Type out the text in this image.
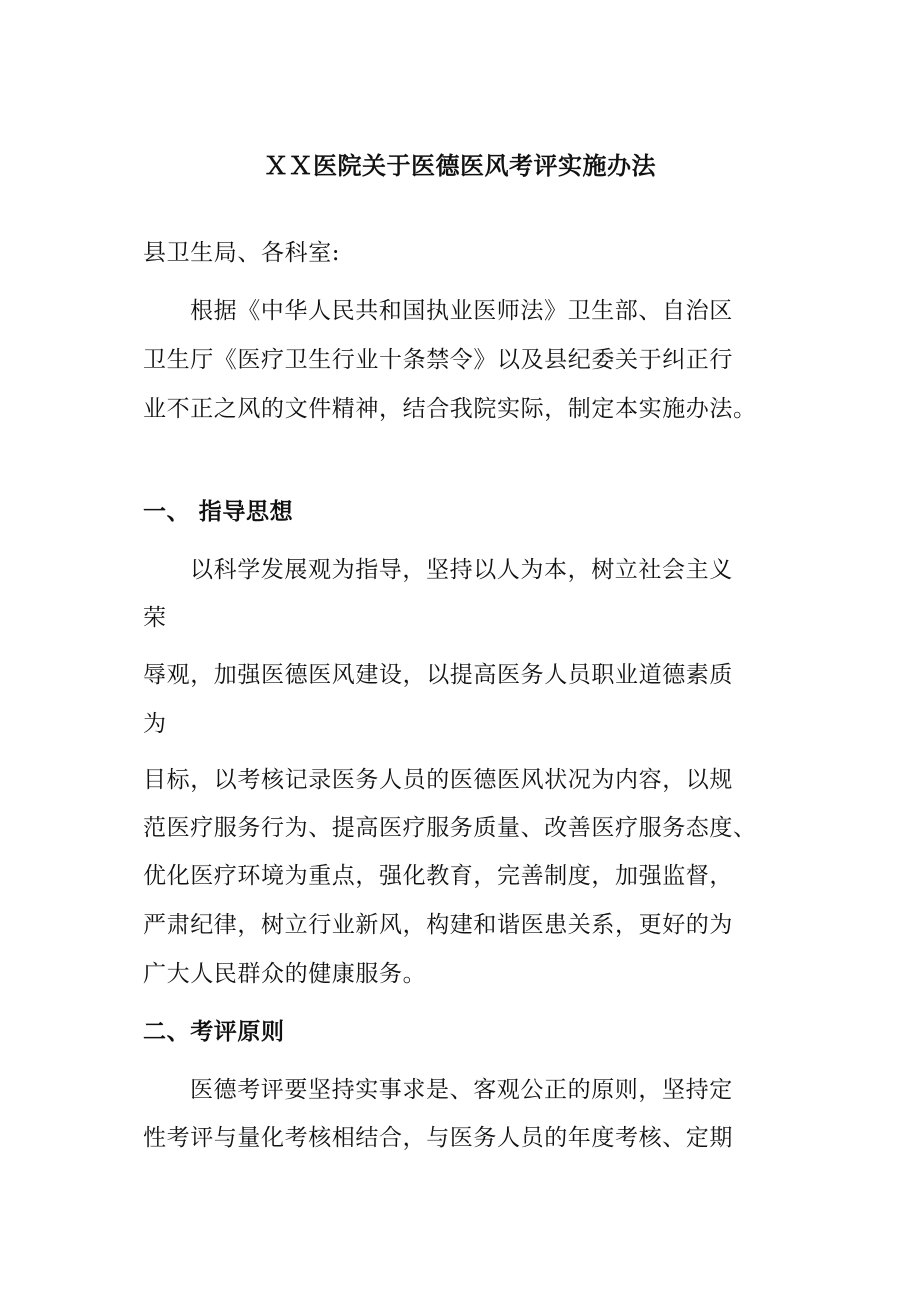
ＸＸ医院关于医德医风考评实施办法
县卫生局、各科室:
根据《中华人民共和国执业医师法》卫生部、自治区
卫生厅《医疗卫生行业十条禁令》以及县纪委关于纠正行
业不正之风的文件精神，结合我院实际，制定本实施办法。
一、 指导思想
以科学发展观为指导，坚持以人为本，树立社会主义
荣
辱观，加强医德医风建设，以提高医务人员职业道德素质
为
目标，以考核记录医务人员的医德医风状况为内容，以规
范医疗服务行为、提高医疗服务质量、改善医疗服务态度、
优化医疗环境为重点，强化教育，完善制度，加强监督，
严肃纪律，树立行业新风，构建和谐医患关系，更好的为
广大人民群众的健康服务。
二、考评原则
医德考评要坚持实事求是、客观公正的原则，坚持定
性考评与量化考核相结合，与医务人员的年度考核、定期
